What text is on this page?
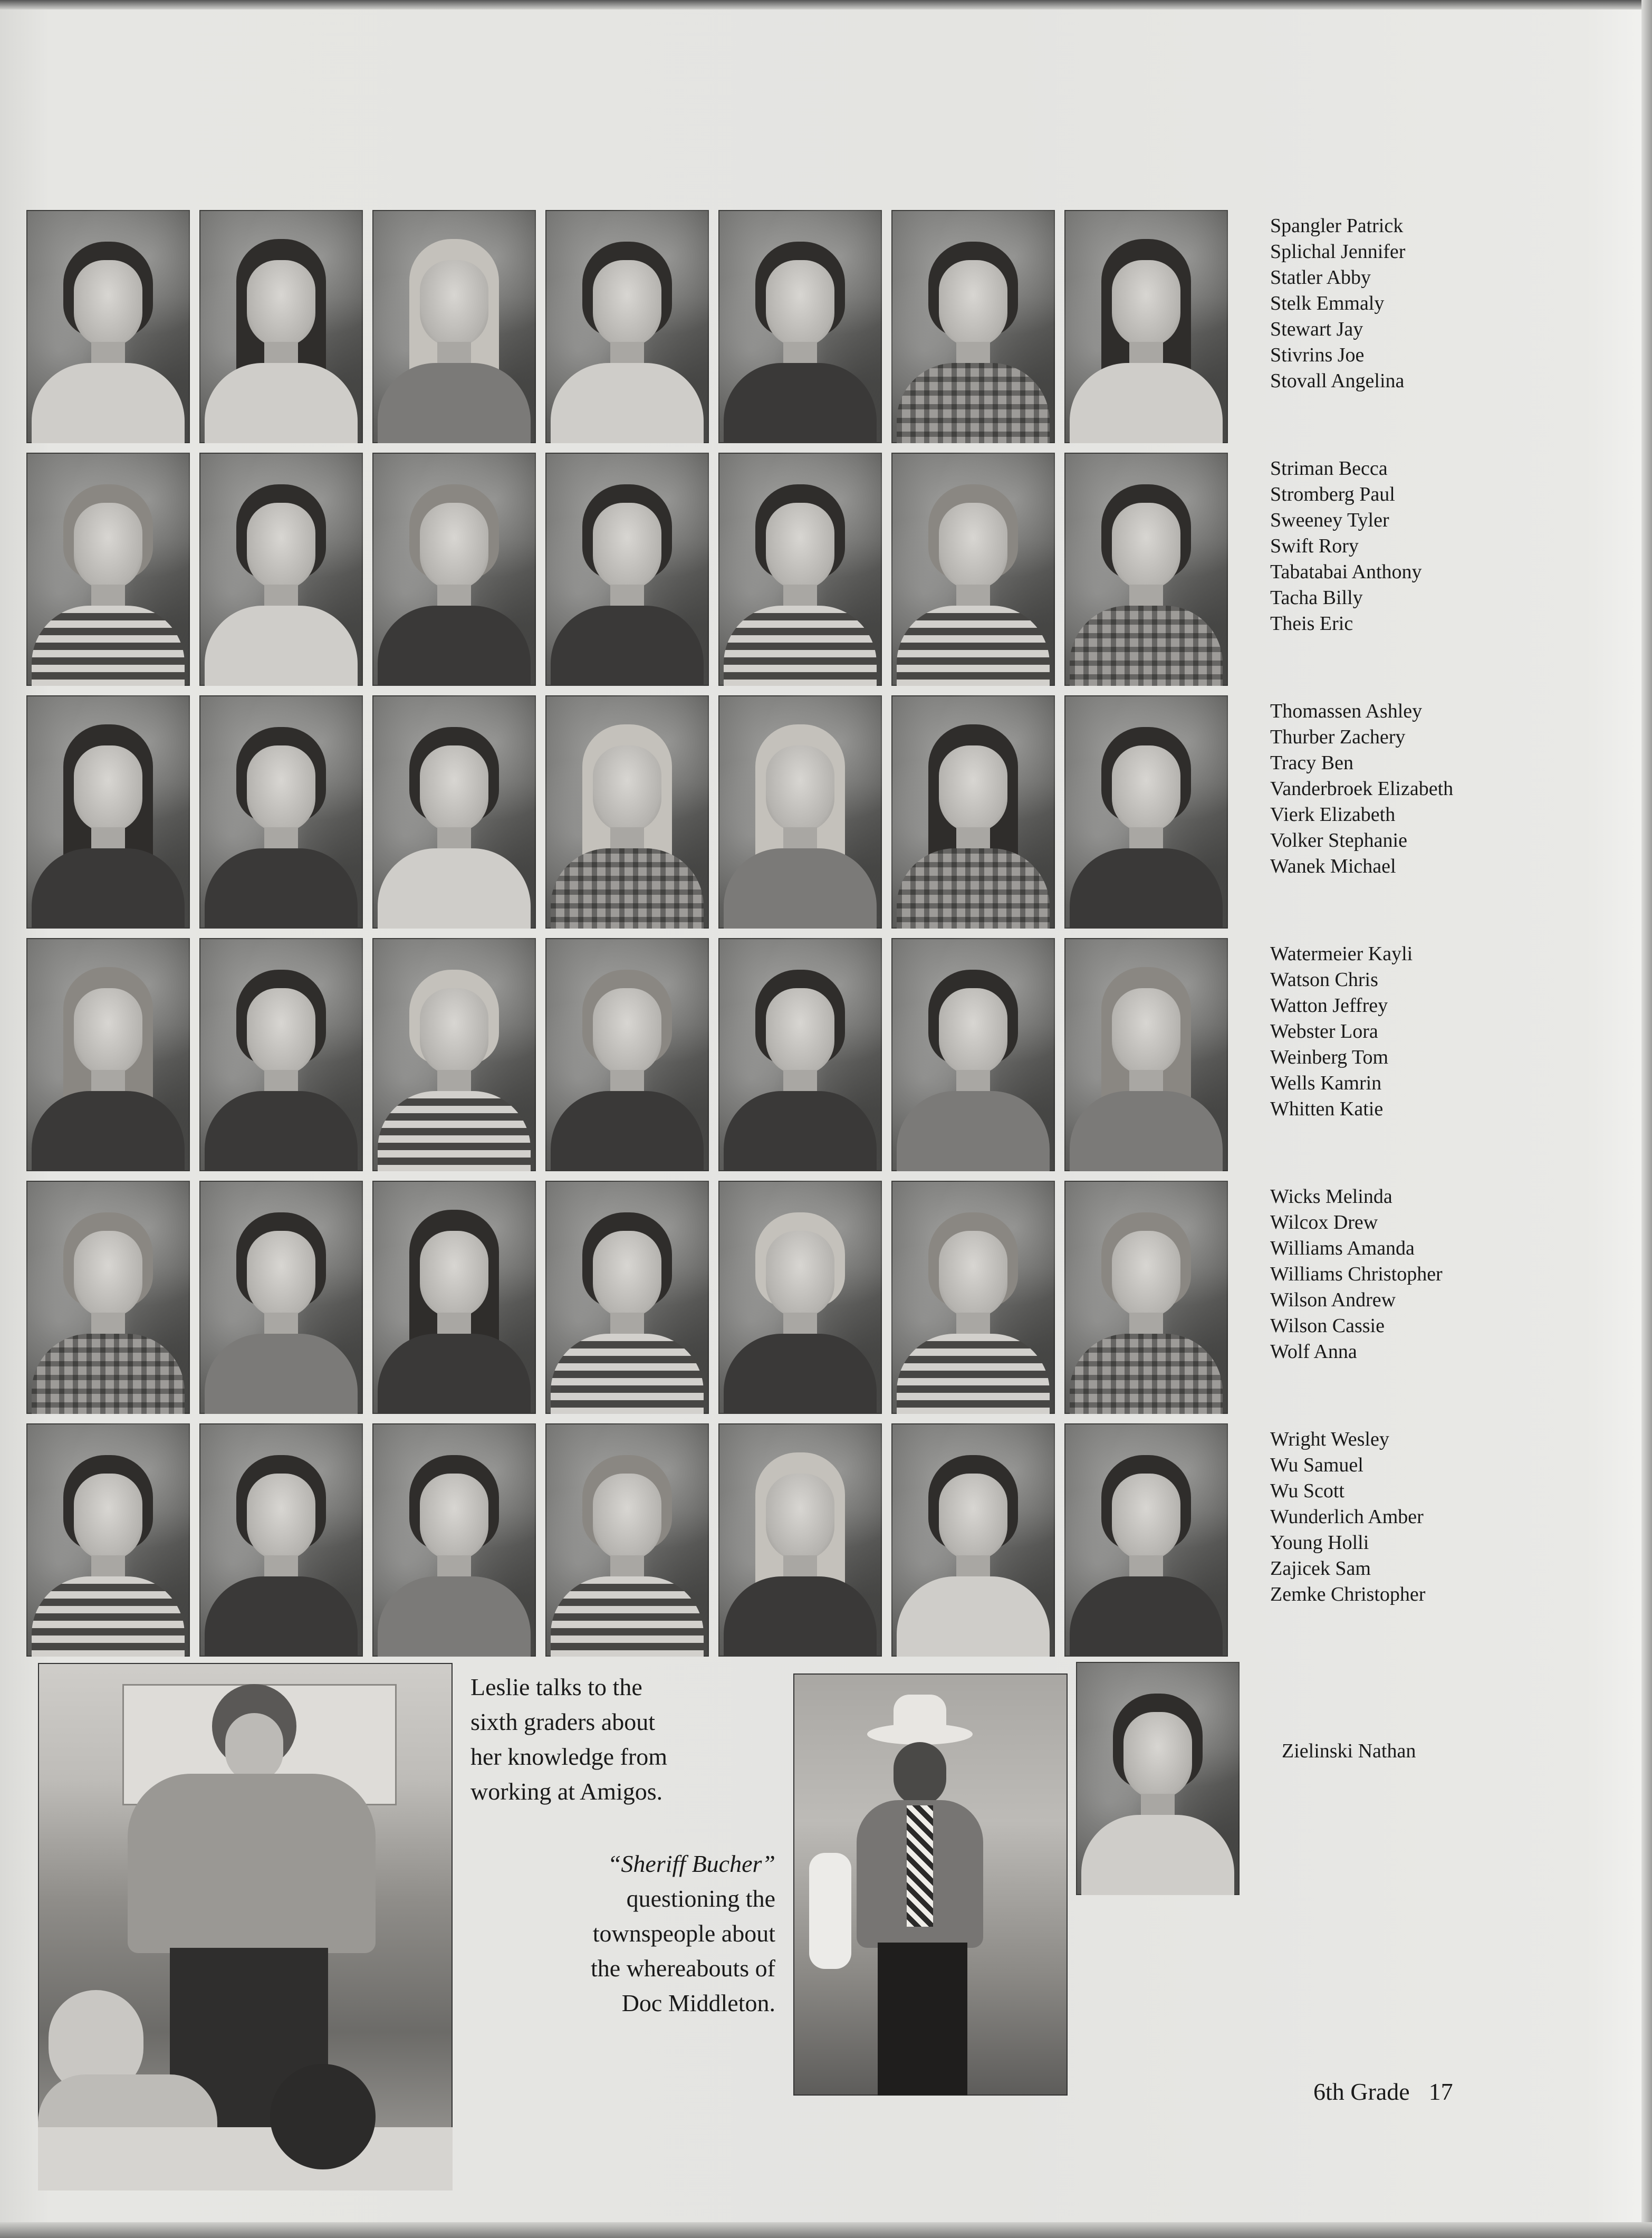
Spangler Patrick
Splichal Jennifer
Statler Abby
Stelk Emmaly
Stewart Jay
Stivrins Joe
Stovall Angelina
Striman Becca
Stromberg Paul
Sweeney Tyler
Swift Rory
Tabatabai Anthony
Tacha Billy
Theis Eric
Thomassen Ashley
Thurber Zachery
Tracy Ben
Vanderbroek Elizabeth
Vierk Elizabeth
Volker Stephanie
Wanek Michael
Watermeier Kayli
Watson Chris
Watton Jeffrey
Webster Lora
Weinberg Tom
Wells Kamrin
Whitten Katie
Wicks Melinda
Wilcox Drew
Williams Amanda
Williams Christopher
Wilson Andrew
Wilson Cassie
Wolf Anna
Wright Wesley
Wu Samuel
Wu Scott
Wunderlich Amber
Young Holli
Zajicek Sam
Zemke Christopher
Zielinski Nathan
Leslie talks to the sixth graders about her knowledge from working at Amigos.
“Sheriff Bucher” questioning the townspeople about the whereabouts of Doc Middleton.
6th Grade 17
